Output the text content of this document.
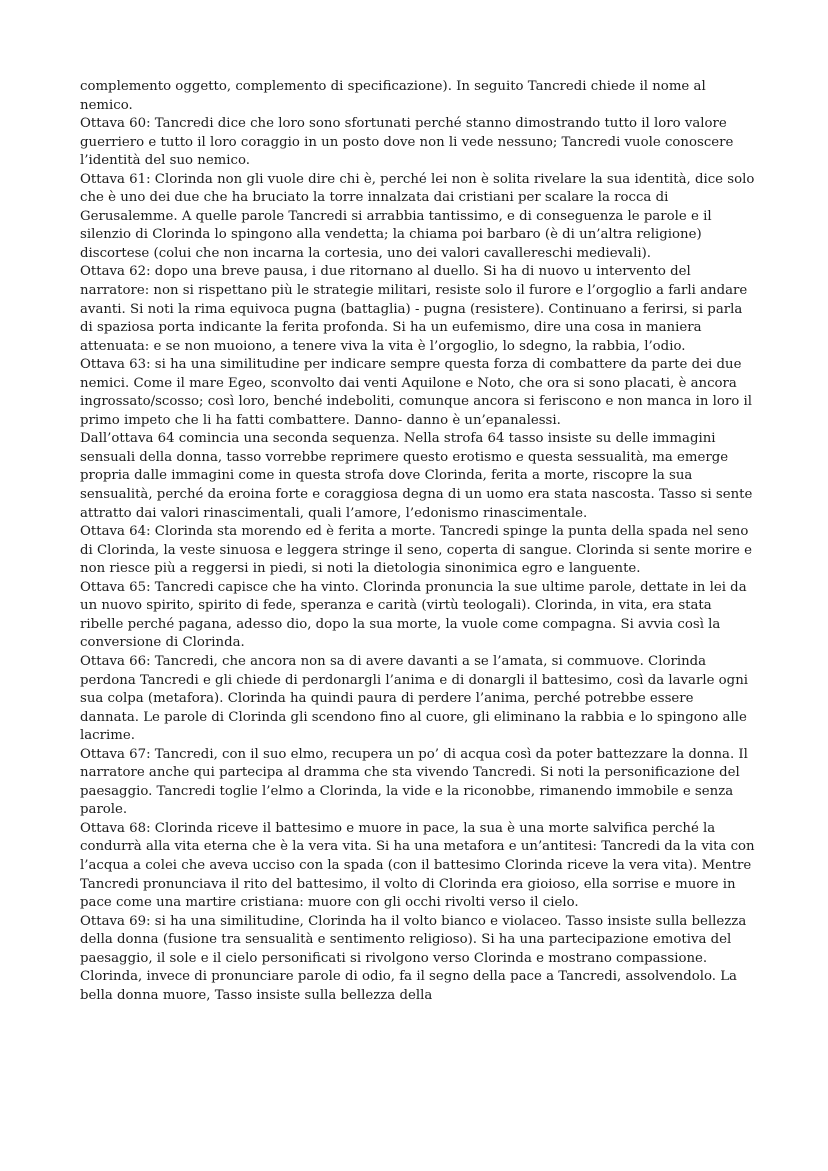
complemento oggetto, complemento di specificazione). In seguito Tancredi chiede il nome al nemico.

Ottava 60: Tancredi dice che loro sono sfortunati perché stanno dimostrando tutto il loro valore guerriero e tutto il loro coraggio in un posto dove non li vede nessuno; Tancredi vuole conoscere l’identità del suo nemico.

Ottava 61: Clorinda non gli vuole dire chi è, perché lei non è solita rivelare la sua identità, dice solo che è uno dei due che ha bruciato la torre innalzata dai cristiani per scalare la rocca di Gerusalemme. A quelle parole Tancredi si arrabbia tantissimo, e di conseguenza le parole e il silenzio di Clorinda lo spingono alla vendetta; la chiama poi barbaro (è di un’altra religione) discortese (colui che non incarna la cortesia, uno dei valori cavallereschi medievali).

Ottava 62: dopo una breve pausa, i due ritornano al duello. Si ha di nuovo u intervento del narratore: non si rispettano più le strategie militari, resiste solo il furore e l’orgoglio a farli andare avanti. Si noti la rima equivoca pugna (battaglia) - pugna (resistere). Continuano a ferirsi, si parla di spaziosa porta indicante la ferita profonda. Si ha un eufemismo, dire una cosa in maniera attenuata: e se non muoiono, a tenere viva la vita è l’orgoglio, lo sdegno, la rabbia, l’odio.

Ottava 63: si ha una similitudine per indicare sempre questa forza di combattere da parte dei due nemici. Come il mare Egeo, sconvolto dai venti Aquilone e Noto, che ora si sono placati, è ancora ingrossato/scosso; così loro, benché indeboliti, comunque ancora si feriscono e non manca in loro il primo impeto che li ha fatti combattere. Danno- danno è un’epanalessi.

Dall’ottava 64 comincia una seconda sequenza. Nella strofa 64 tasso insiste su delle immagini sensuali della donna, tasso vorrebbe reprimere questo erotismo e questa sessualità, ma emerge propria dalle immagini come in questa strofa dove Clorinda, ferita a morte, riscopre la sua sensualità, perché da eroina forte e coraggiosa degna di un uomo era stata nascosta. Tasso si sente attratto dai valori rinascimentali, quali l’amore, l’edonismo rinascimentale.

Ottava 64: Clorinda sta morendo ed è ferita a morte. Tancredi spinge la punta della spada nel seno di Clorinda, la veste sinuosa e leggera stringe il seno, coperta di sangue. Clorinda si sente morire e non riesce più a reggersi in piedi, si noti la dietologia sinonimica egro e languente.

Ottava 65: Tancredi capisce che ha vinto. Clorinda pronuncia la sue ultime parole, dettate in lei da un nuovo spirito, spirito di fede, speranza e carità (virtù teologali). Clorinda, in vita, era stata ribelle perché pagana, adesso dio, dopo la sua morte, la vuole come compagna. Si avvia così la conversione di Clorinda.

Ottava 66: Tancredi, che ancora non sa di avere davanti a se l’amata, si commuove. Clorinda perdona Tancredi e gli chiede di perdonargli l’anima e di donargli il battesimo, così da lavarle ogni sua colpa (metafora). Clorinda ha quindi paura di perdere l’anima, perché potrebbe essere dannata. Le parole di Clorinda gli scendono fino al cuore, gli eliminano la rabbia e lo spingono alle lacrime.

Ottava 67: Tancredi, con il suo elmo, recupera un po’ di acqua così da poter battezzare la donna. Il narratore anche qui partecipa al dramma che sta vivendo Tancredi. Si noti la personificazione del paesaggio. Tancredi toglie l’elmo a Clorinda, la vide e la riconobbe, rimanendo immobile e senza parole.

Ottava 68: Clorinda riceve il battesimo e muore in pace, la sua è una morte salvifica perché la condurrà alla vita eterna che è la vera vita. Si ha una metafora e un’antitesi: Tancredi da la vita con l’acqua a colei che aveva ucciso con la spada (con il battesimo Clorinda riceve la vera vita). Mentre Tancredi pronunciava il rito del battesimo, il volto di Clorinda era gioioso, ella sorrise e muore in pace come una martire cristiana: muore con gli occhi rivolti verso il cielo.

Ottava 69: si ha una similitudine, Clorinda ha il volto bianco e violaceo. Tasso insiste sulla bellezza della donna (fusione tra sensualità e sentimento religioso). Si ha una partecipazione emotiva del paesaggio, il sole e il cielo personificati si rivolgono verso Clorinda e mostrano compassione. Clorinda, invece di pronunciare parole di odio, fa il segno della pace a Tancredi, assolvendolo. La bella donna muore, Tasso insiste sulla bellezza della
